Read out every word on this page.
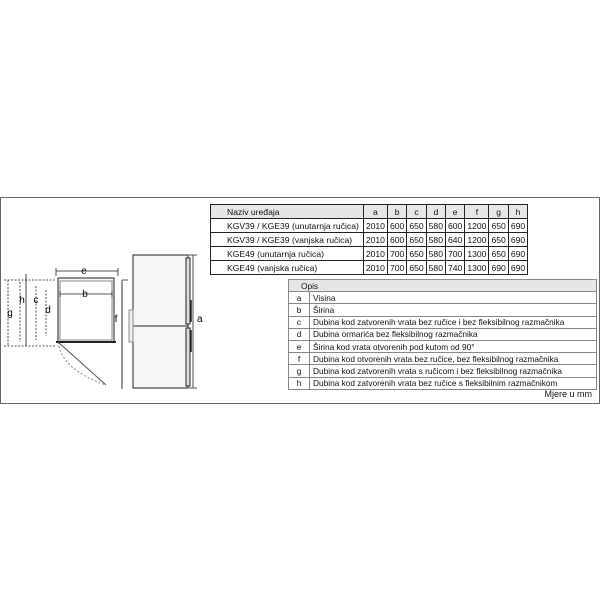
e
b
g
h c
d
f	a
Naziv uređaja	a	b	c	d	e	f	g	h
KGV39 / KGE39 (unutarnja ručica)	2010	600	650	580	600	1200	650	690
KGV39 / KGE39 (vanjska ručica)	2010	600	650	580	640	1200	650	690
KGE49 (unutarnja ručica)	2010	700	650	580	700	1300	650	690
KGE49 (vanjska ručica)	2010	700	650	580	740	1300	690	690
Opis	
a	Visina
b	Širina
c	Dubina kod zatvorenih vrata bez ručice i bez fleksibilnog razmačnika
d	Dubina ormarića bez fleksibilnog razmačnika
e	Širina kod vrata otvorenih pod kutom od 90°
f	Dubina kod otvorenih vrata bez ručice, bez fleksibilnog razmačnika
g	Dubina kod zatvorenih vrata s ručicom i bez fleksibilnog razmačnika
h	Dubina kod zatvorenih vrata bez ručice s fleksibilnim razmačnikom
Mjere u mm
